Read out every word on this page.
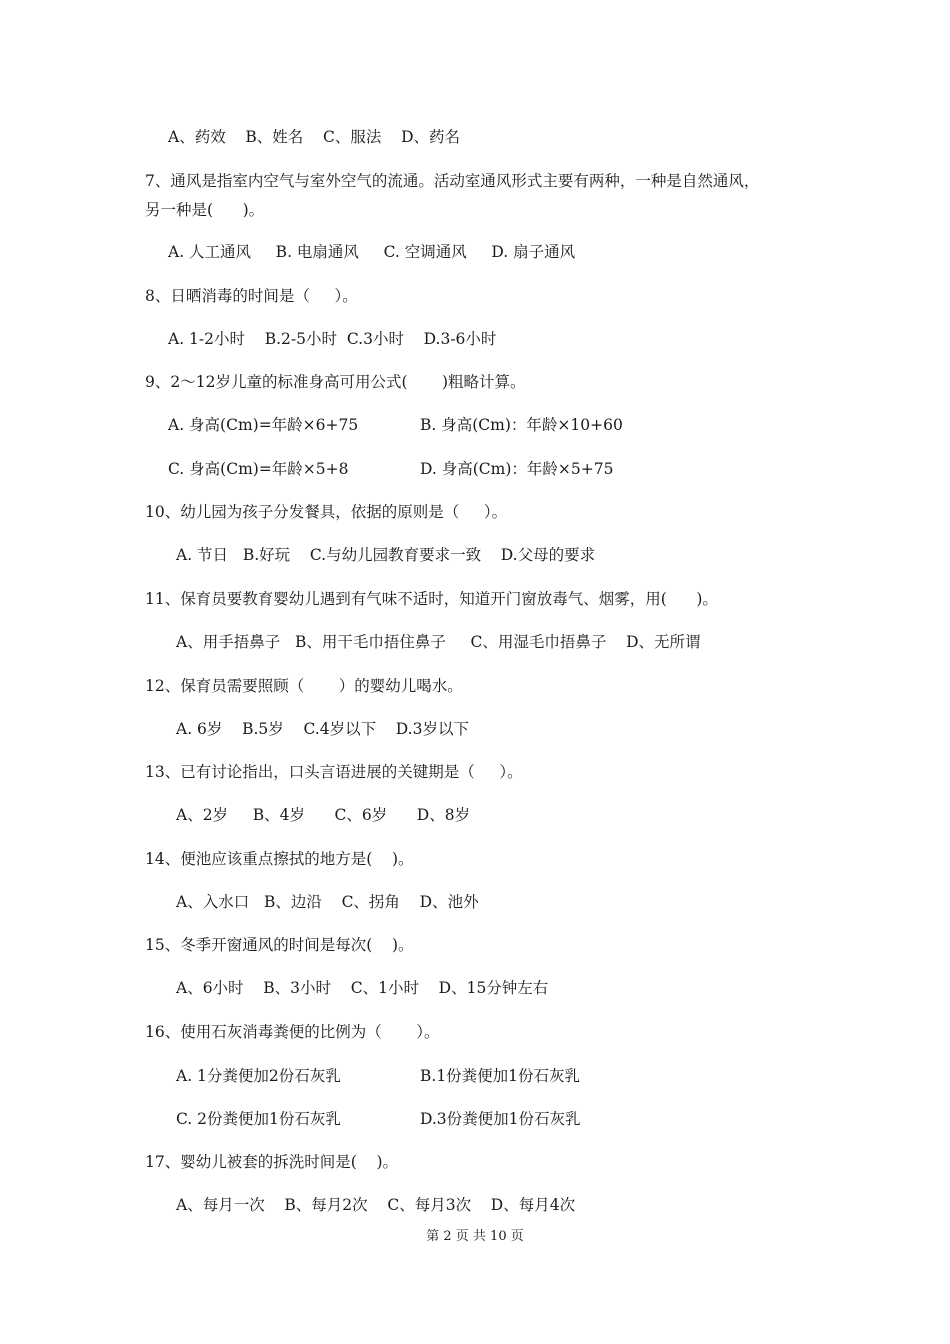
A、药效    B、姓名    C、服法    D、药名
7、通风是指室内空气与室外空气的流通。活动室通风形式主要有两种，一种是自然通风，
另一种是(      )。
A. 人工通风     B. 电扇通风     C. 空调通风     D. 扇子通风
8、日晒消毒的时间是（     ）。
A. 1-2小时    B.2-5小时  C.3小时    D.3-6小时
9、2～12岁儿童的标准身高可用公式(       )粗略计算。
A. 身高(Cm)=年龄×6+75	B. 身高(Cm)：年龄×10+60
C. 身高(Cm)=年龄×5+8	D. 身高(Cm)：年龄×5+75
10、幼儿园为孩子分发餐具，依据的原则是（     ）。
A. 节日   B.好玩    C.与幼儿园教育要求一致    D.父母的要求
11、保育员要教育婴幼儿遇到有气味不适时，知道开门窗放毒气、烟雾，用(      )。
A、用手捂鼻子   B、用干毛巾捂住鼻子     C、用湿毛巾捂鼻子    D、无所谓
12、保育员需要照顾（       ）的婴幼儿喝水。
A. 6岁    B.5岁    C.4岁以下    D.3岁以下
13、已有讨论指出，口头言语进展的关键期是（     ）。
A、2岁     B、4岁      C、6岁      D、8岁
14、便池应该重点擦拭的地方是(    )。
A、入水口   B、边沿    C、拐角    D、池外
15、冬季开窗通风的时间是每次(    )。
A、6小时    B、3小时    C、1小时    D、15分钟左右
16、使用石灰消毒粪便的比例为（       ）。
A. 1分粪便加2份石灰乳	B.1份粪便加1份石灰乳
C. 2份粪便加1份石灰乳	D.3份粪便加1份石灰乳
17、婴幼儿被套的拆洗时间是(    )。
A、每月一次    B、每月2次    C、每月3次    D、每月4次
第 2 页 共 10 页
